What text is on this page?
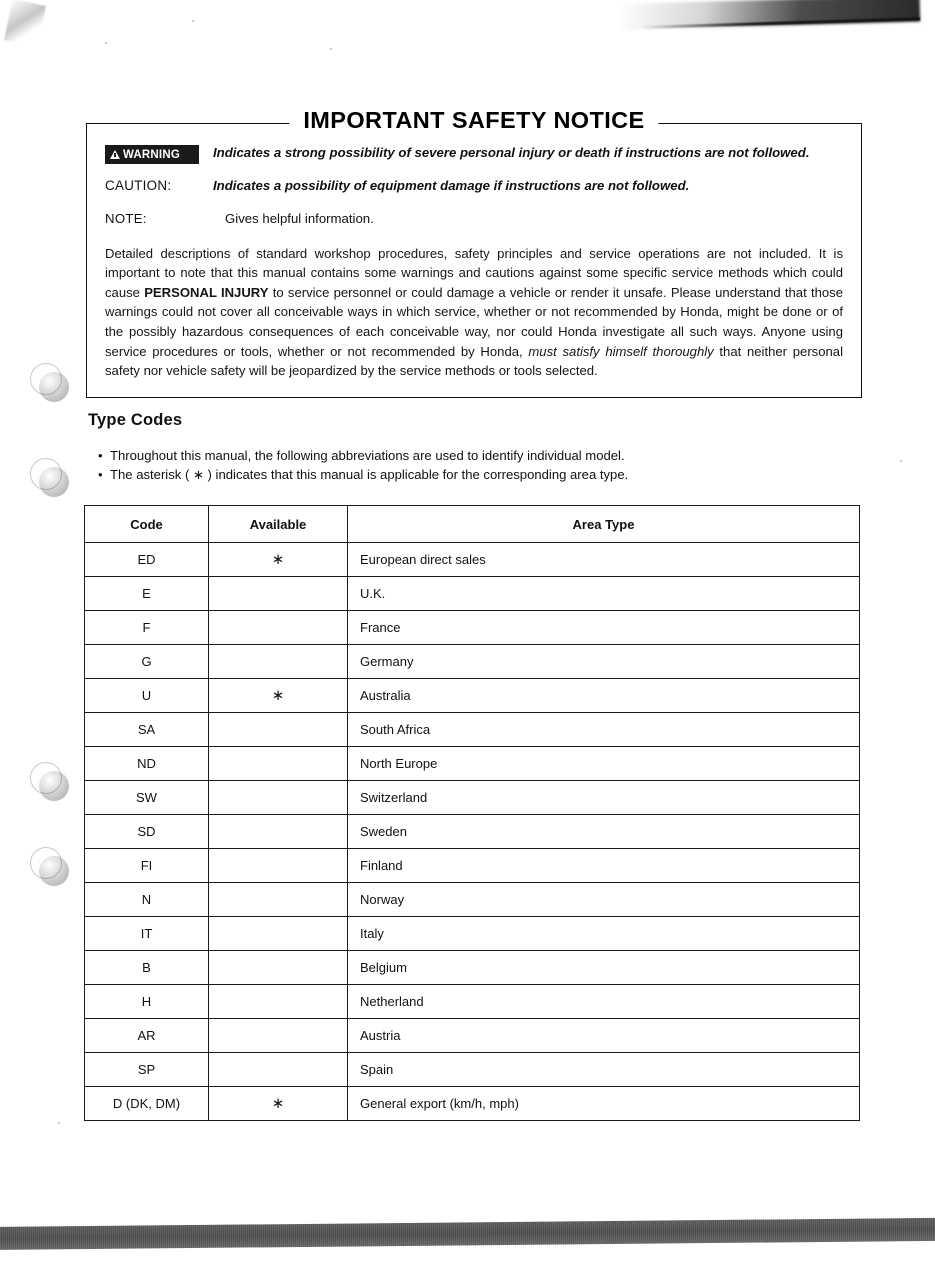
IMPORTANT SAFETY NOTICE
WARNING	Indicates a strong possibility of severe personal injury or death if instructions are not followed.
CAUTION:	Indicates a possibility of equipment damage if instructions are not followed.
NOTE:	Gives helpful information.

Detailed descriptions of standard workshop procedures, safety principles and service operations are not included. It is important to note that this manual contains some warnings and cautions against some specific service methods which could cause PERSONAL INJURY to service personnel or could damage a vehicle or render it unsafe. Please understand that those warnings could not cover all conceivable ways in which service, whether or not recommended by Honda, might be done or of the possibly hazardous consequences of each conceivable way, nor could Honda investigate all such ways. Anyone using service procedures or tools, whether or not recommended by Honda, must satisfy himself thoroughly that neither personal safety nor vehicle safety will be jeopardized by the service methods or tools selected.

Type Codes
• Throughout this manual, the following abbreviations are used to identify individual model.
• The asterisk ( ∗ ) indicates that this manual is applicable for the corresponding area type.
Code	Available	Area Type
ED	∗	European direct sales
E		U.K.
F		France
G		Germany
U	∗	Australia
SA		South Africa
ND		North Europe
SW		Switzerland
SD		Sweden
FI		Finland
N		Norway
IT		Italy
B		Belgium
H		Netherland
AR		Austria
SP		Spain
D (DK, DM)	∗	General export (km/h, mph)
